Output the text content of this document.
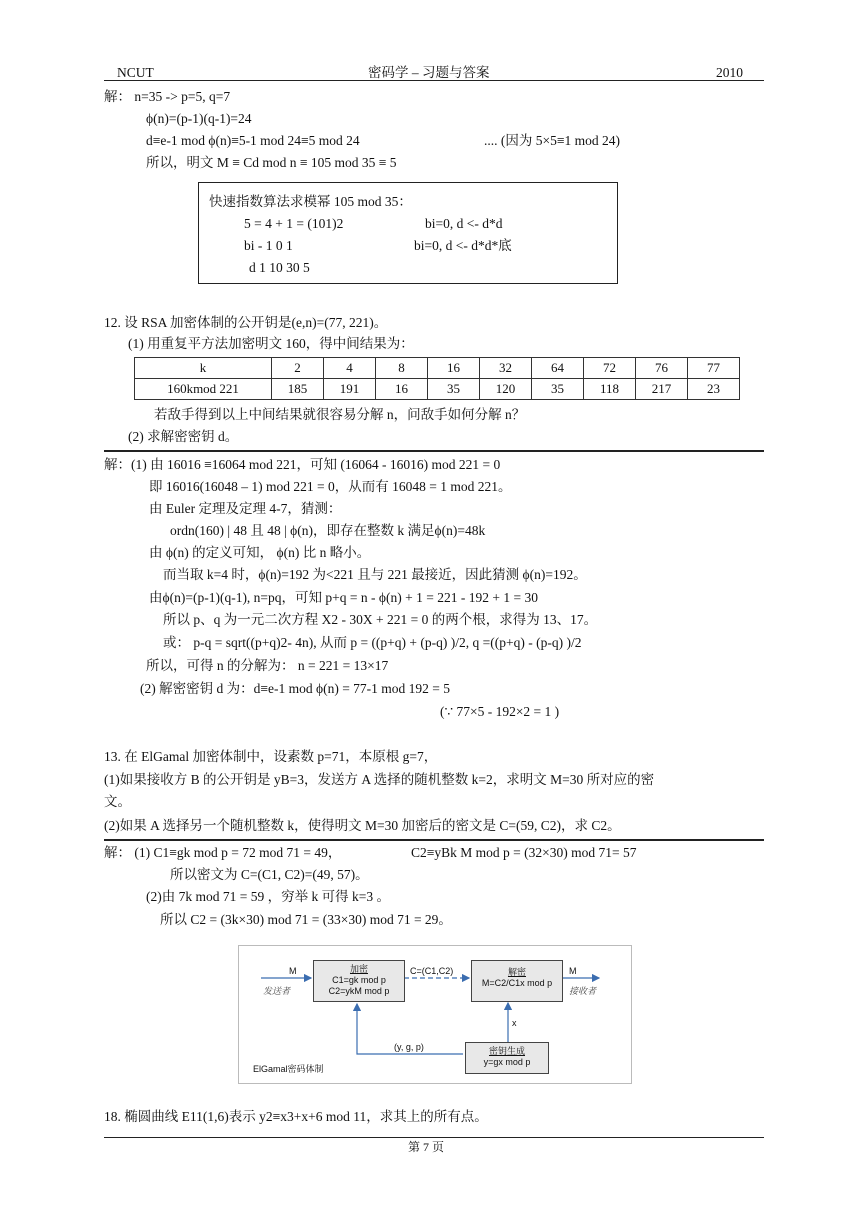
NCUT	密码学 – 习题与答案	2010
解： n=35 -> p=5, q=7
ϕ(n)=(p-1)(q-1)=24
d≡e-1 mod ϕ(n)≡5-1 mod 24≡5 mod 24	.... (因为 5×5≡1 mod 24)
所以，明文 M ≡ Cd mod n ≡ 105 mod 35 ≡ 5
快速指数算法求模幂 105 mod 35：
5 = 4 + 1 = (101)2	bi=0, d <- d*d
bi - 1 0 1	bi=0, d <- d*d*底
d 1 10 30 5
12. 设 RSA 加密体制的公开钥是(e,n)=(77, 221)。
(1) 用重复平方法加密明文 160，得中间结果为：
k	2	4	8	16	32	64	72	76	77
160kmod 221	185	191	16	35	120	35	118	217	23
若敌手得到以上中间结果就很容易分解 n，问敌手如何分解 n？
(2) 求解密密钥 d。
解：(1) 由 16016 ≡16064 mod 221，可知 (16064 - 16016) mod 221 = 0
即 16016(16048 – 1) mod 221 = 0，从而有 16048 = 1 mod 221。
由 Euler 定理及定理 4-7，猜测：
ordn(160) | 48 且 48 | ϕ(n)，即存在整数 k 满足ϕ(n)=48k
由 ϕ(n) 的定义可知， ϕ(n) 比 n 略小。
而当取 k=4 时，ϕ(n)=192 为<221 且与 221 最接近，因此猜测 ϕ(n)=192。
由ϕ(n)=(p-1)(q-1), n=pq，可知 p+q = n - ϕ(n) + 1 = 221 - 192 + 1 = 30
所以 p、q 为一元二次方程 X2 - 30X + 221 = 0 的两个根，求得为 13、17。
或： p-q = sqrt((p+q)2- 4n), 从而 p = ((p+q) + (p-q) )/2, q =((p+q) - (p-q) )/2
所以，可得 n 的分解为： n = 221 = 13×17
(2) 解密密钥 d 为：d≡e-1 mod ϕ(n) = 77-1 mod 192 = 5
(∵ 77×5 - 192×2 = 1 )
13. 在 ElGamal 加密体制中，设素数 p=71，本原根 g=7，
(1)如果接收方 B 的公开钥是 yB=3，发送方 A 选择的随机整数 k=2，求明文 M=30 所对应的密
文。
(2)如果 A 选择另一个随机整数 k，使得明文 M=30 加密后的密文是 C=(59, C2)，求 C2。
解： (1) C1≡gk mod p = 72 mod 71 = 49，	C2≡yBk M mod p = (32×30) mod 71= 57
所以密文为 C=(C1, C2)=(49, 57)。
(2)由 7k mod 71 = 59 ，穷举 k 可得 k=3 。
所以 C2 = (3k×30) mod 71 = (33×30) mod 71 = 29。
加密
C1=gk mod p
C2=ykM mod p
解密
M=C2/C1x mod p
密钥生成
y=gx mod p
M
发送者
C=(C1,C2)	M
接收者
x
(y, g, p)
ElGamal密码体制
18. 椭圆曲线 E11(1,6)表示 y2≡x3+x+6 mod 11，求其上的所有点。
第 7 页
